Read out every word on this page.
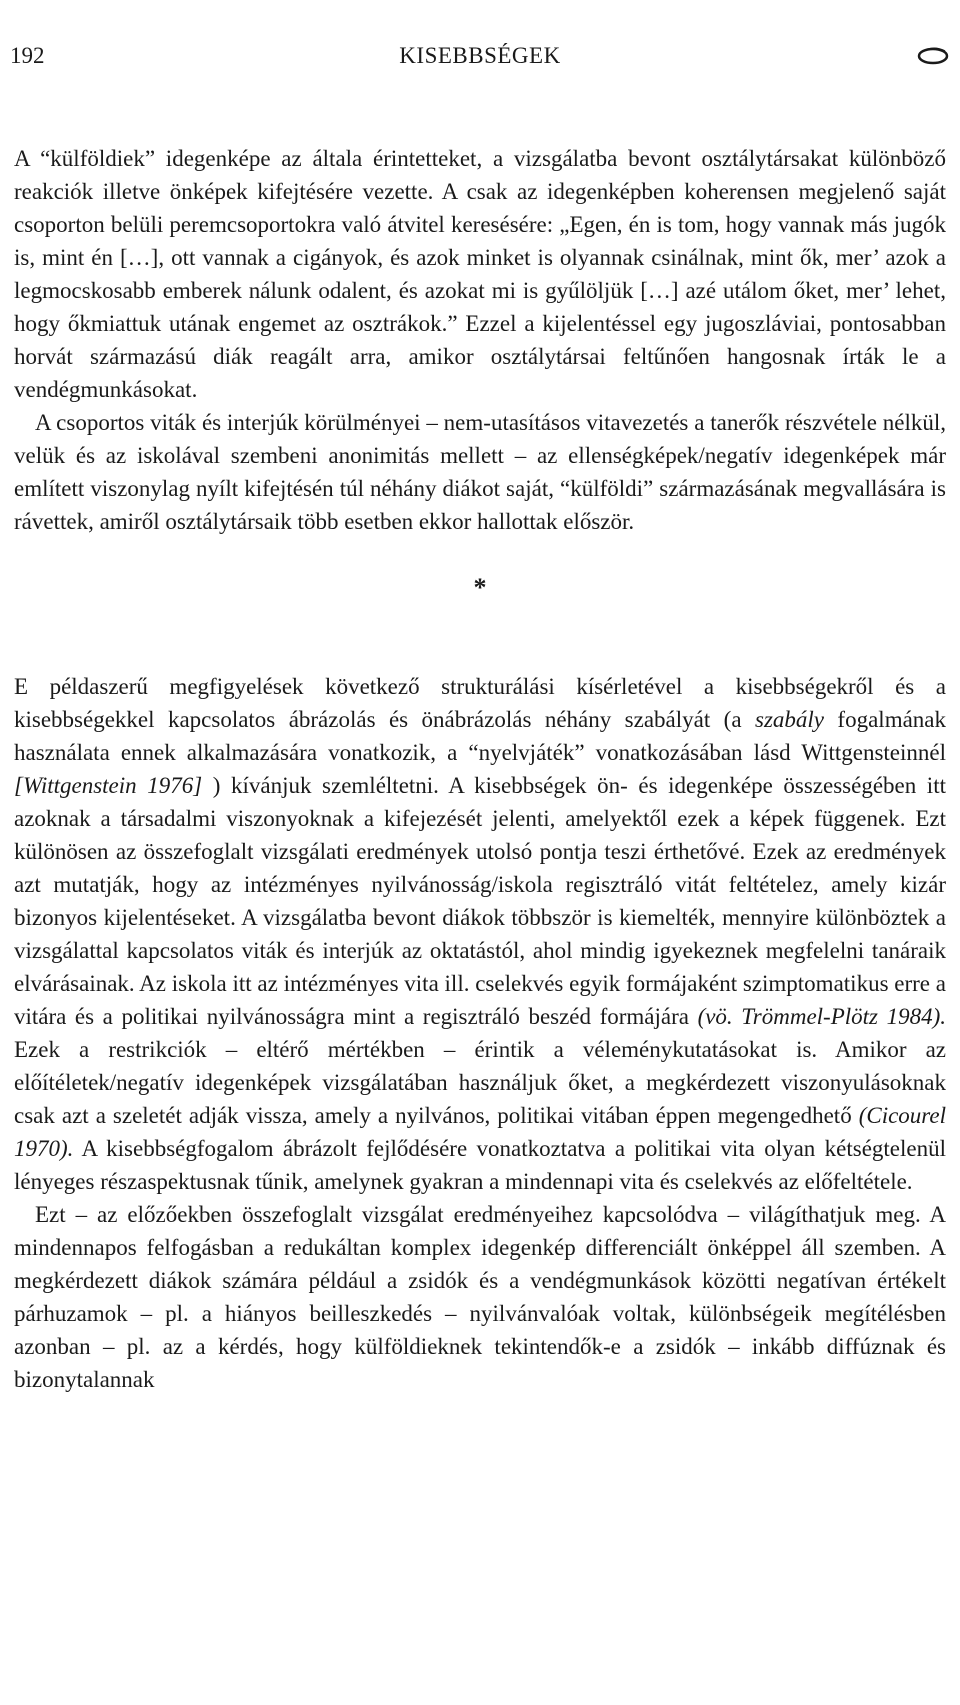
192	KISEBBSÉGEK

A “külföldiek” idegenképe az általa érintetteket, a vizsgálatba bevont osztálytársakat különböző reakciók illetve önképek kifejtésére vezette. A csak az idegenképben koherensen megjelenő saját csoporton belüli peremcsoportokra való átvitel keresésére: „Egen, én is tom, hogy vannak más jugók is, mint én […], ott vannak a cigányok, és azok minket is olyannak csinálnak, mint ők, mer’ azok a legmocskosabb emberek nálunk odalent, és azokat mi is gyűlöljük […] azé utálom őket, mer’ lehet, hogy őkmiattuk utának engemet az osztrákok.” Ezzel a kijelentéssel egy jugoszláviai, pontosabban horvát származású diák reagált arra, amikor osztálytársai feltűnően hangosnak írták le a vendégmunkásokat.

A csoportos viták és interjúk körülményei – nem-utasításos vitavezetés a tanerők részvétele nélkül, velük és az iskolával szembeni anonimitás mellett – az ellenségképek/negatív idegenképek már említett viszonylag nyílt kifejtésén túl néhány diákot saját, “külföldi” származásának megvallására is rávettek, amiről osztálytársaik több esetben ekkor hallottak először.

*

E példaszerű megfigyelések következő strukturálási kísérletével a kisebbségekről és a kisebbségekkel kapcsolatos ábrázolás és önábrázolás néhány szabályát (a szabály fogalmának használata ennek alkalmazására vonatkozik, a “nyelvjáték” vonatkozásában lásd Wittgensteinnél [Wittgenstein 1976] ) kívánjuk szemléltetni. A kisebbségek ön- és idegenképe összességében itt azoknak a társadalmi viszonyoknak a kifejezését jelenti, amelyektől ezek a képek függenek. Ezt különösen az összefoglalt vizsgálati eredmények utolsó pontja teszi érthetővé. Ezek az eredmények azt mutatják, hogy az intézményes nyilvánosság/iskola regisztráló vitát feltételez, amely kizár bizonyos kijelentéseket. A vizsgálatba bevont diákok többször is kiemelték, mennyire különböztek a vizsgálattal kapcsolatos viták és interjúk az oktatástól, ahol mindig igyekeznek megfelelni tanáraik elvárásainak. Az iskola itt az intézményes vita ill. cselekvés egyik formájaként szimptomatikus erre a vitára és a politikai nyilvánosságra mint a regisztráló beszéd formájára (vö. Trömmel-Plötz 1984). Ezek a restrikciók – eltérő mértékben – érintik a véleménykutatásokat is. Amikor az előítéletek/negatív idegenképek vizsgálatában használjuk őket, a megkérdezett viszonyulásoknak csak azt a szeletét adják vissza, amely a nyilvános, politikai vitában éppen megengedhető (Cicourel 1970). A kisebbségfogalom ábrázolt fejlődésére vonatkoztatva a politikai vita olyan kétségtelenül lényeges részaspektusnak tűnik, amelynek gyakran a mindennapi vita és cselekvés az előfeltétele.

Ezt – az előzőekben összefoglalt vizsgálat eredményeihez kapcsolódva – világíthatjuk meg. A mindennapos felfogásban a redukáltan komplex idegenkép differenciált önképpel áll szemben. A megkérdezett diákok számára például a zsidók és a vendégmunkások közötti negatívan értékelt párhuzamok – pl. a hiányos beilleszkedés – nyilvánvalóak voltak, különbségeik megítélésben azonban – pl. az a kérdés, hogy külföldieknek tekintendők-e a zsidók – inkább diffúznak és bizonytalannak
